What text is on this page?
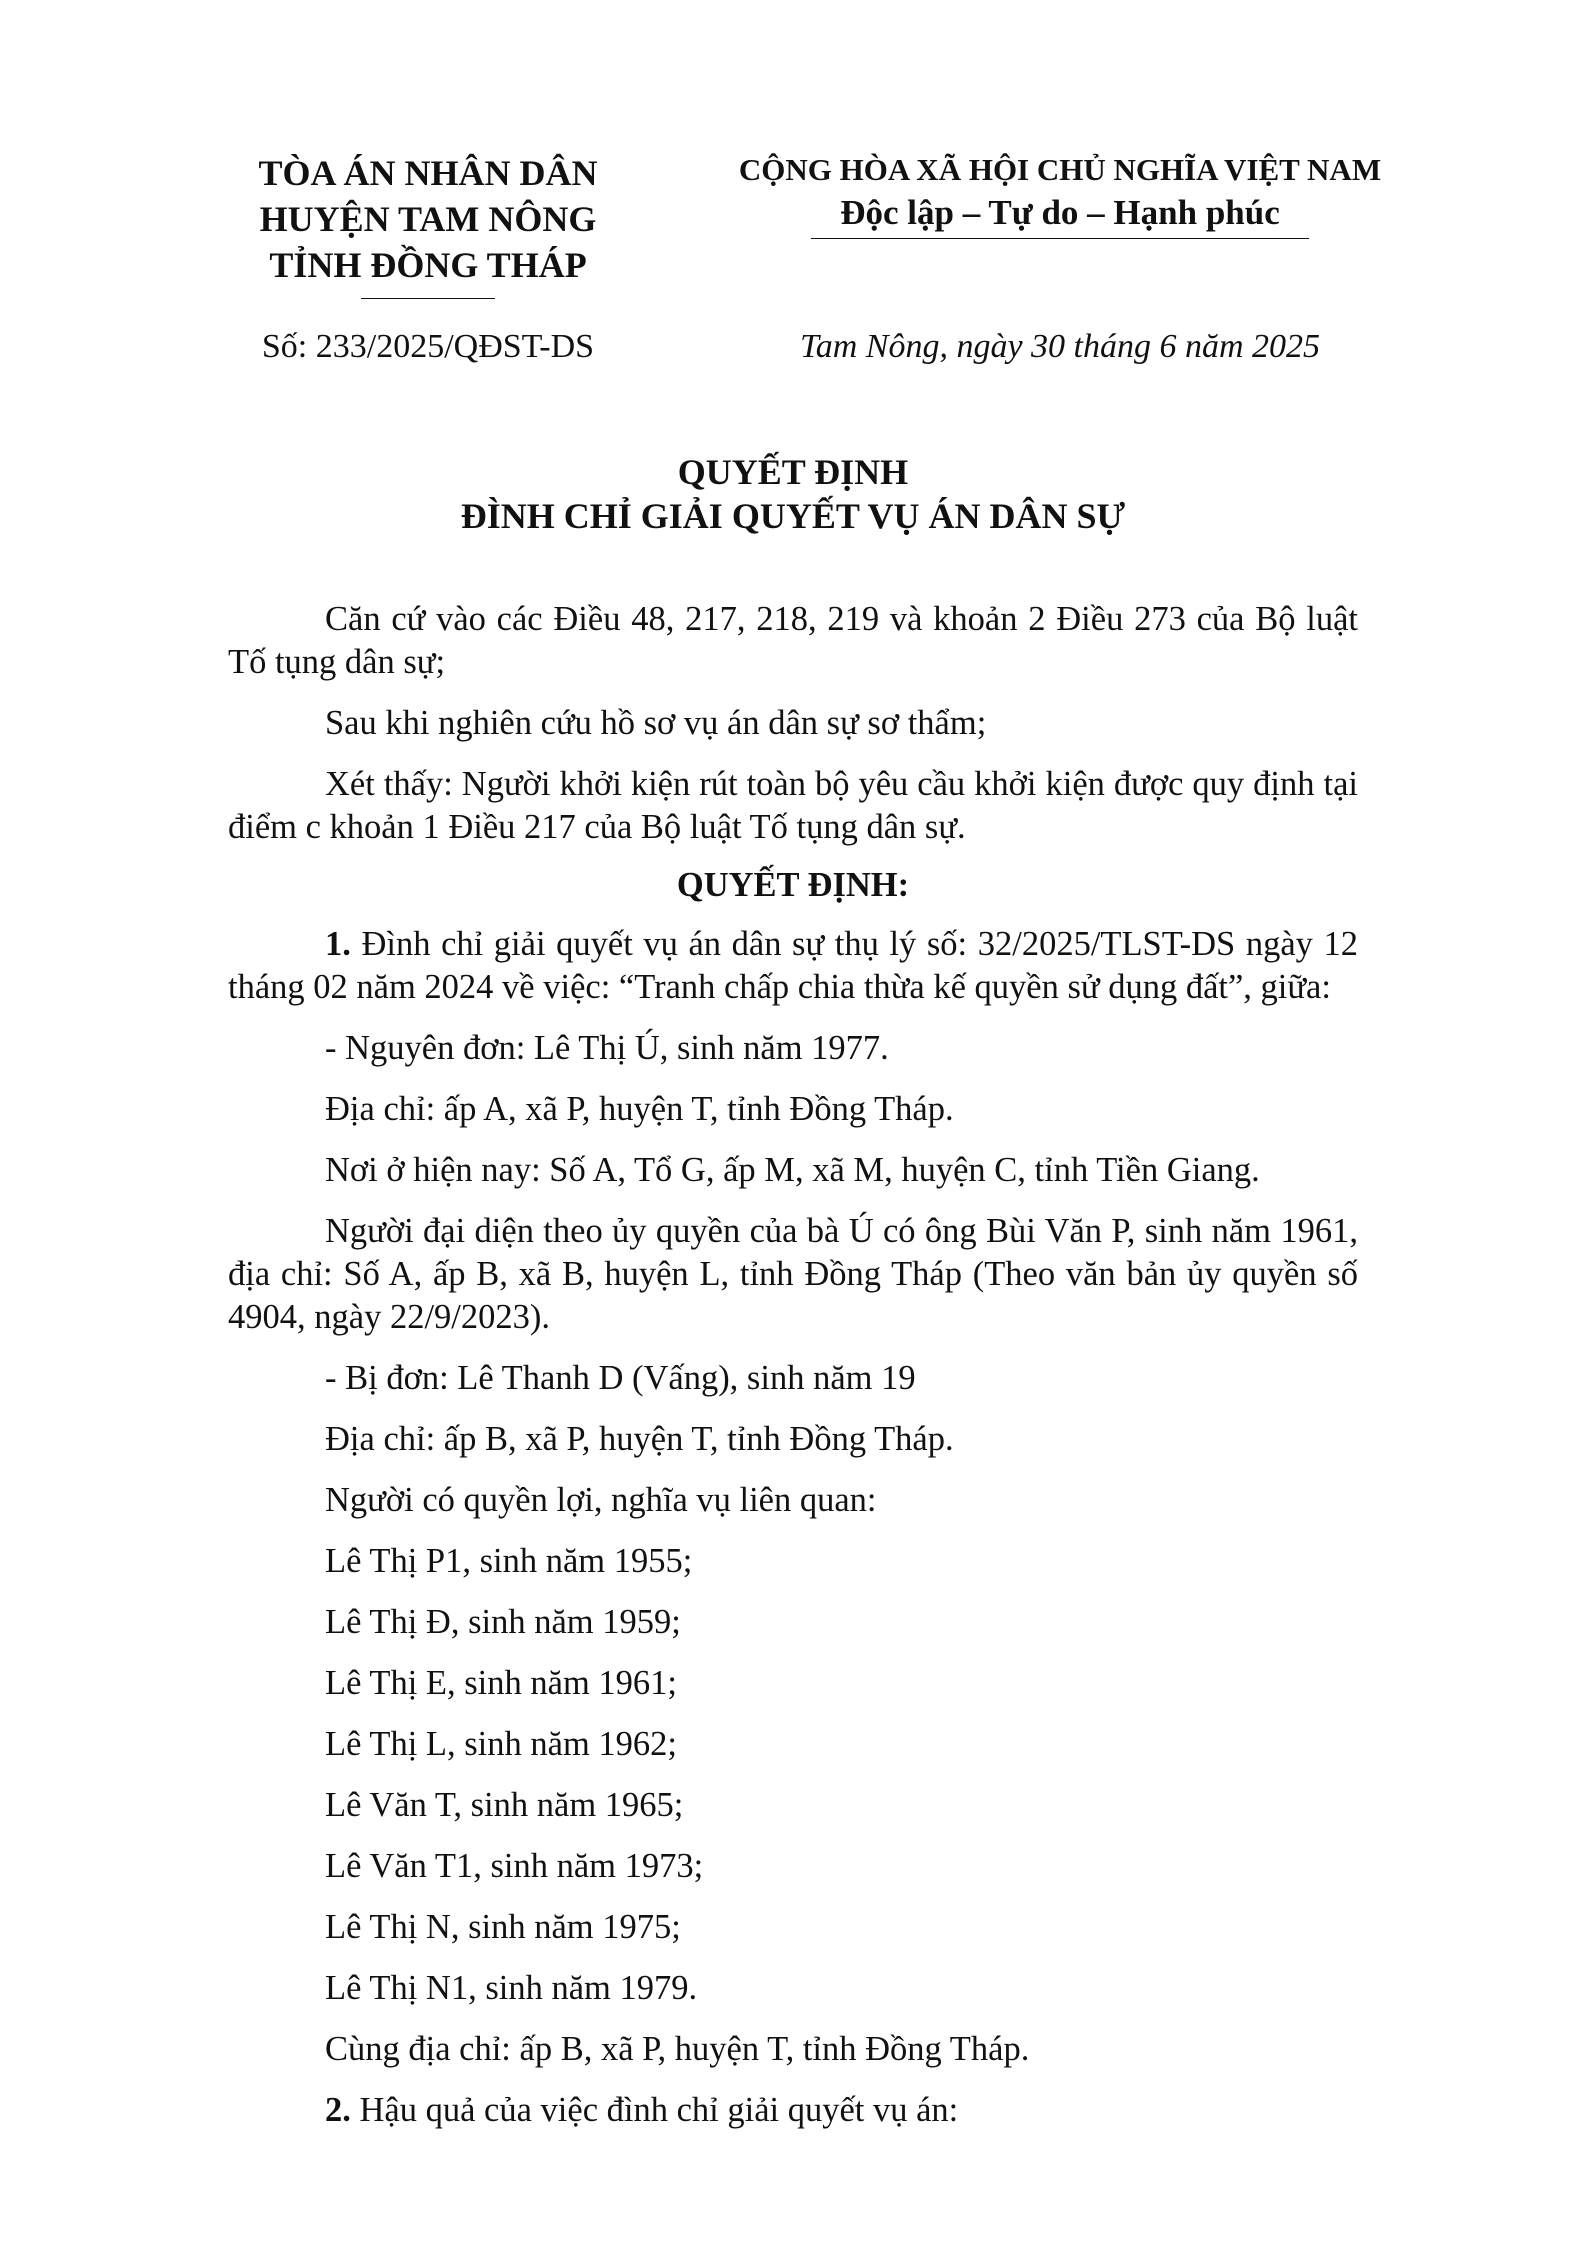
TÒA ÁN NHÂN DÂN
HUYỆN TAM NÔNG
TỈNH ĐỒNG THÁP
CỘNG HÒA XÃ HỘI CHỦ NGHĨA VIỆT NAM
Độc lập – Tự do – Hạnh phúc
Số: 233/2025/QĐST-DS	Tam Nông, ngày 30 tháng 6 năm 2025
QUYẾT ĐỊNH
ĐÌNH CHỈ GIẢI QUYẾT VỤ ÁN DÂN SỰ

Căn cứ vào các Điều 48, 217, 218, 219 và khoản 2 Điều 273 của Bộ luật Tố tụng dân sự;

Sau khi nghiên cứu hồ sơ vụ án dân sự sơ thẩm;

Xét thấy: Người khởi kiện rút toàn bộ yêu cầu khởi kiện được quy định tại điểm c khoản 1 Điều 217 của Bộ luật Tố tụng dân sự.

QUYẾT ĐỊNH:

1. Đình chỉ giải quyết vụ án dân sự thụ lý số: 32/2025/TLST-DS ngày 12 tháng 02 năm 2024 về việc: “Tranh chấp chia thừa kế quyền sử dụng đất”, giữa:

- Nguyên đơn: Lê Thị Ú, sinh năm 1977.

Địa chỉ: ấp A, xã P, huyện T, tỉnh Đồng Tháp.

Nơi ở hiện nay: Số A, Tổ G, ấp M, xã M, huyện C, tỉnh Tiền Giang.

Người đại diện theo ủy quyền của bà Ú có ông Bùi Văn P, sinh năm 1961, địa chỉ: Số A, ấp B, xã B, huyện L, tỉnh Đồng Tháp (Theo văn bản ủy quyền số 4904, ngày 22/9/2023).

- Bị đơn: Lê Thanh D (Vấng), sinh năm 19

Địa chỉ: ấp B, xã P, huyện T, tỉnh Đồng Tháp.

Người có quyền lợi, nghĩa vụ liên quan:

Lê Thị P1, sinh năm 1955;

Lê Thị Đ, sinh năm 1959;

Lê Thị E, sinh năm 1961;

Lê Thị L, sinh năm 1962;

Lê Văn T, sinh năm 1965;

Lê Văn T1, sinh năm 1973;

Lê Thị N, sinh năm 1975;

Lê Thị N1, sinh năm 1979.

Cùng địa chỉ: ấp B, xã P, huyện T, tỉnh Đồng Tháp.

2. Hậu quả của việc đình chỉ giải quyết vụ án:
